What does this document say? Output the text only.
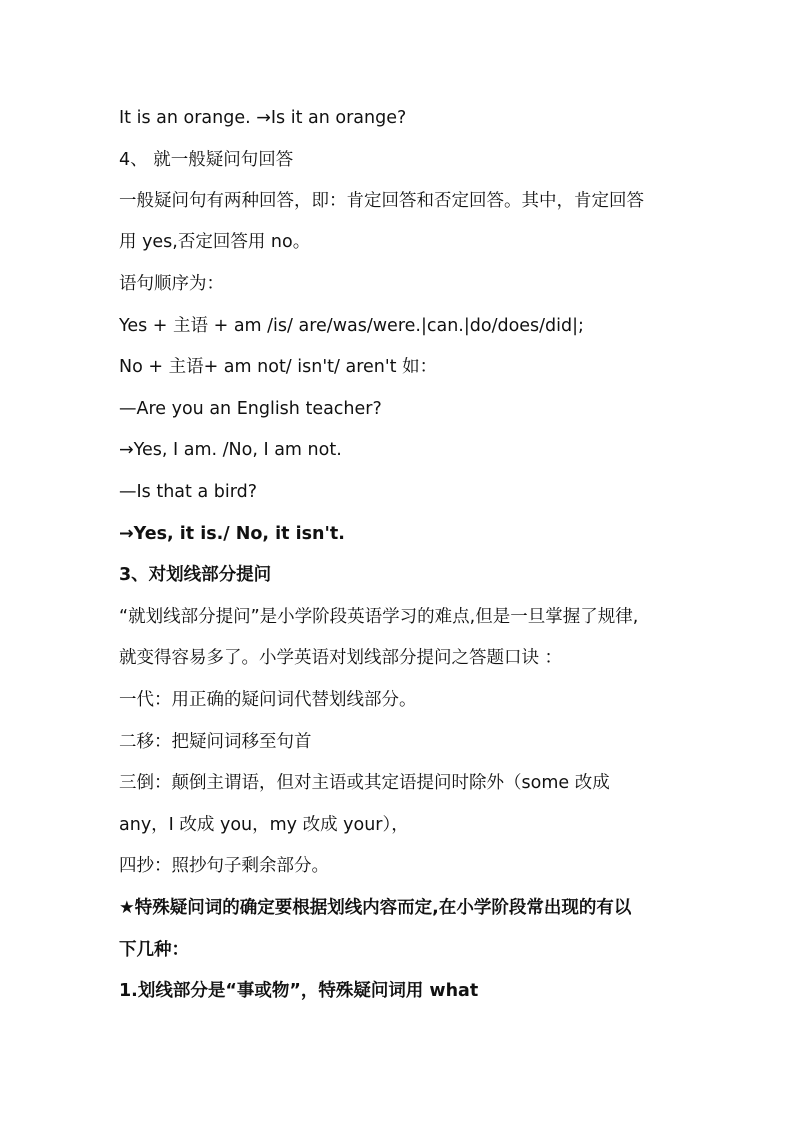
It is an orange. →Is it an orange?
4、 就一般疑问句回答
一般疑问句有两种回答，即：肯定回答和否定回答。其中，肯定回答
用 yes,否定回答用 no。
语句顺序为：
Yes + 主语 + am /is/ are/was/were.|can.|do/does/did|;
No + 主语+ am not/ isn't/ aren't 如：
—Are you an English teacher?
→Yes, I am. /No, I am not.
—Is that a bird?
→Yes, it is./ No, it isn't.
3、对划线部分提问
“就划线部分提问”是小学阶段英语学习的难点,但是一旦掌握了规律,
就变得容易多了。小学英语对划线部分提问之答题口诀 ：
一代：用正确的疑问词代替划线部分。
二移：把疑问词移至句首
三倒：颠倒主谓语，但对主语或其定语提问时除外（some 改成
any，I 改成 you，my 改成 your），
四抄：照抄句子剩余部分。
★特殊疑问词的确定要根据划线内容而定,在小学阶段常出现的有以
下几种：
1.划线部分是“事或物”，特殊疑问词用 what
